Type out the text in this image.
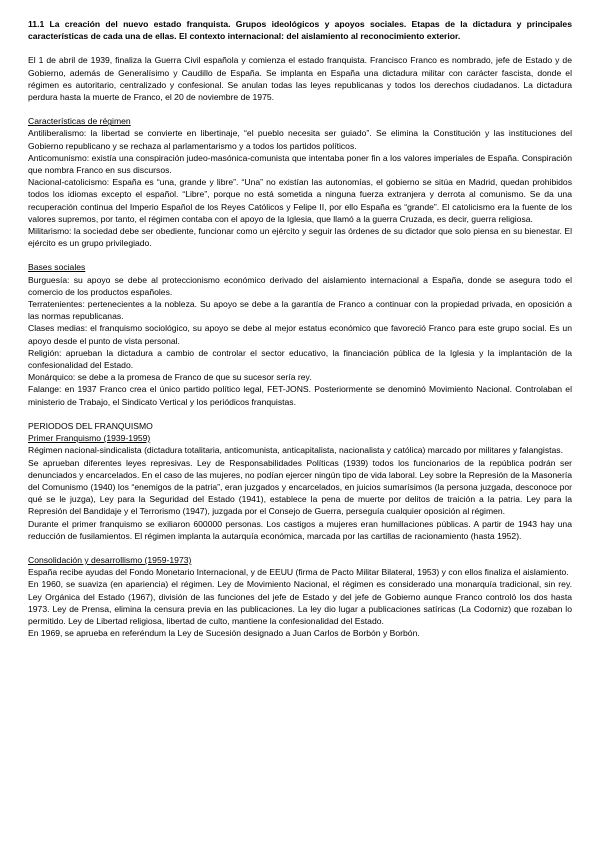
11.1 La creación del nuevo estado franquista. Grupos ideológicos y apoyos sociales. Etapas de la dictadura y principales características de cada una de ellas. El contexto internacional: del aislamiento al reconocimiento exterior.

El 1 de abril de 1939, finaliza la Guerra Civil española y comienza el estado franquista. Francisco Franco es nombrado, jefe de Estado y de Gobierno, además de Generalísimo y Caudillo de España. Se implanta en España una dictadura militar con carácter fascista, donde el régimen es autoritario, centralizado y confesional. Se anulan todas las leyes republicanas y todos los derechos ciudadanos. La dictadura perdura hasta la muerte de Franco, el 20 de noviembre de 1975.

Características de régimen

Antiliberalismo: la libertad se convierte en libertinaje, “el pueblo necesita ser guiado”. Se elimina la Constitución y las instituciones del Gobierno republicano y se rechaza al parlamentarismo y a todos los partidos políticos.

Anticomunismo: existía una conspiración judeo-masónica-comunista que intentaba poner fin a los valores imperiales de España. Conspiración que nombra Franco en sus discursos.

Nacional-catolicismo: España es “una, grande y libre”. “Una” no existían las autonomías, el gobierno se sitúa en Madrid, quedan prohibidos todos los idiomas excepto el español. “Libre”, porque no está sometida a ninguna fuerza extranjera y derrota al comunismo. Se da una recuperación continua del Imperio Español de los Reyes Católicos y Felipe II, por ello España es “grande”. El catolicismo era la fuente de los valores supremos, por tanto, el régimen contaba con el apoyo de la Iglesia, que llamó a la guerra Cruzada, es decir, guerra religiosa.

Militarismo: la sociedad debe ser obediente, funcionar como un ejército y seguir las órdenes de su dictador que solo piensa en su bienestar. El ejército es un grupo privilegiado.

Bases sociales

Burguesía: su apoyo se debe al proteccionismo económico derivado del aislamiento internacional a España, donde se asegura todo el comercio de los productos españoles.

Terratenientes: pertenecientes a la nobleza. Su apoyo se debe a la garantía de Franco a continuar con la propiedad privada, en oposición a las normas republicanas.

Clases medias: el franquismo sociológico, su apoyo se debe al mejor estatus económico que favoreció Franco para este grupo social. Es un apoyo desde el punto de vista personal.

Religión: aprueban la dictadura a cambio de controlar el sector educativo, la financiación pública de la Iglesia y la implantación de la confesionalidad del Estado.

Monárquico: se debe a la promesa de Franco de que su sucesor sería rey.

Falange: en 1937 Franco crea el único partido político legal, FET-JONS. Posteriormente se denominó Movimiento Nacional. Controlaban el ministerio de Trabajo, el Sindicato Vertical y los periódicos franquistas.

PERIODOS DEL FRANQUISMO

Primer Franquismo (1939-1959)

Régimen nacional-sindicalista (dictadura totalitaria, anticomunista, anticapitalista, nacionalista y católica) marcado por militares y falangistas.

Se aprueban diferentes leyes represivas. Ley de Responsabilidades Políticas (1939) todos los funcionarios de la república podrán ser denunciados y encarcelados. En el caso de las mujeres, no podían ejercer ningún tipo de vida laboral. Ley sobre la Represión de la Masonería del Comunismo (1940) los “enemigos de la patria”, eran juzgados y encarcelados, en juicios sumarísimos (la persona juzgada, desconoce por qué se le juzga), Ley para la Seguridad del Estado (1941), establece la pena de muerte por delitos de traición a la patria. Ley para la Represión del Bandidaje y el Terrorismo (1947), juzgada por el Consejo de Guerra, perseguía cualquier oposición al régimen.

Durante el primer franquismo se exiliaron 600000 personas. Los castigos a mujeres eran humillaciones públicas. A partir de 1943 hay una reducción de fusilamientos. El régimen implanta la autarquía económica, marcada por las cartillas de racionamiento (hasta 1952).

Consolidación y desarrollismo (1959-1973)

España recibe ayudas del Fondo Monetario Internacional, y de EEUU (firma de Pacto Militar Bilateral, 1953) y con ellos finaliza el aislamiento.

En 1960, se suaviza (en apariencia) el régimen. Ley de Movimiento Nacional, el régimen es considerado una monarquía tradicional, sin rey. Ley Orgánica del Estado (1967), división de las funciones del jefe de Estado y del jefe de Gobierno aunque Franco controló los dos hasta 1973. Ley de Prensa, elimina la censura previa en las publicaciones. La ley dio lugar a publicaciones satíricas (La Codorniz) que rozaban lo permitido. Ley de Libertad religiosa, libertad de culto, mantiene la confesionalidad del Estado.

En 1969, se aprueba en referéndum la Ley de Sucesión designado a Juan Carlos de Borbón y Borbón.
